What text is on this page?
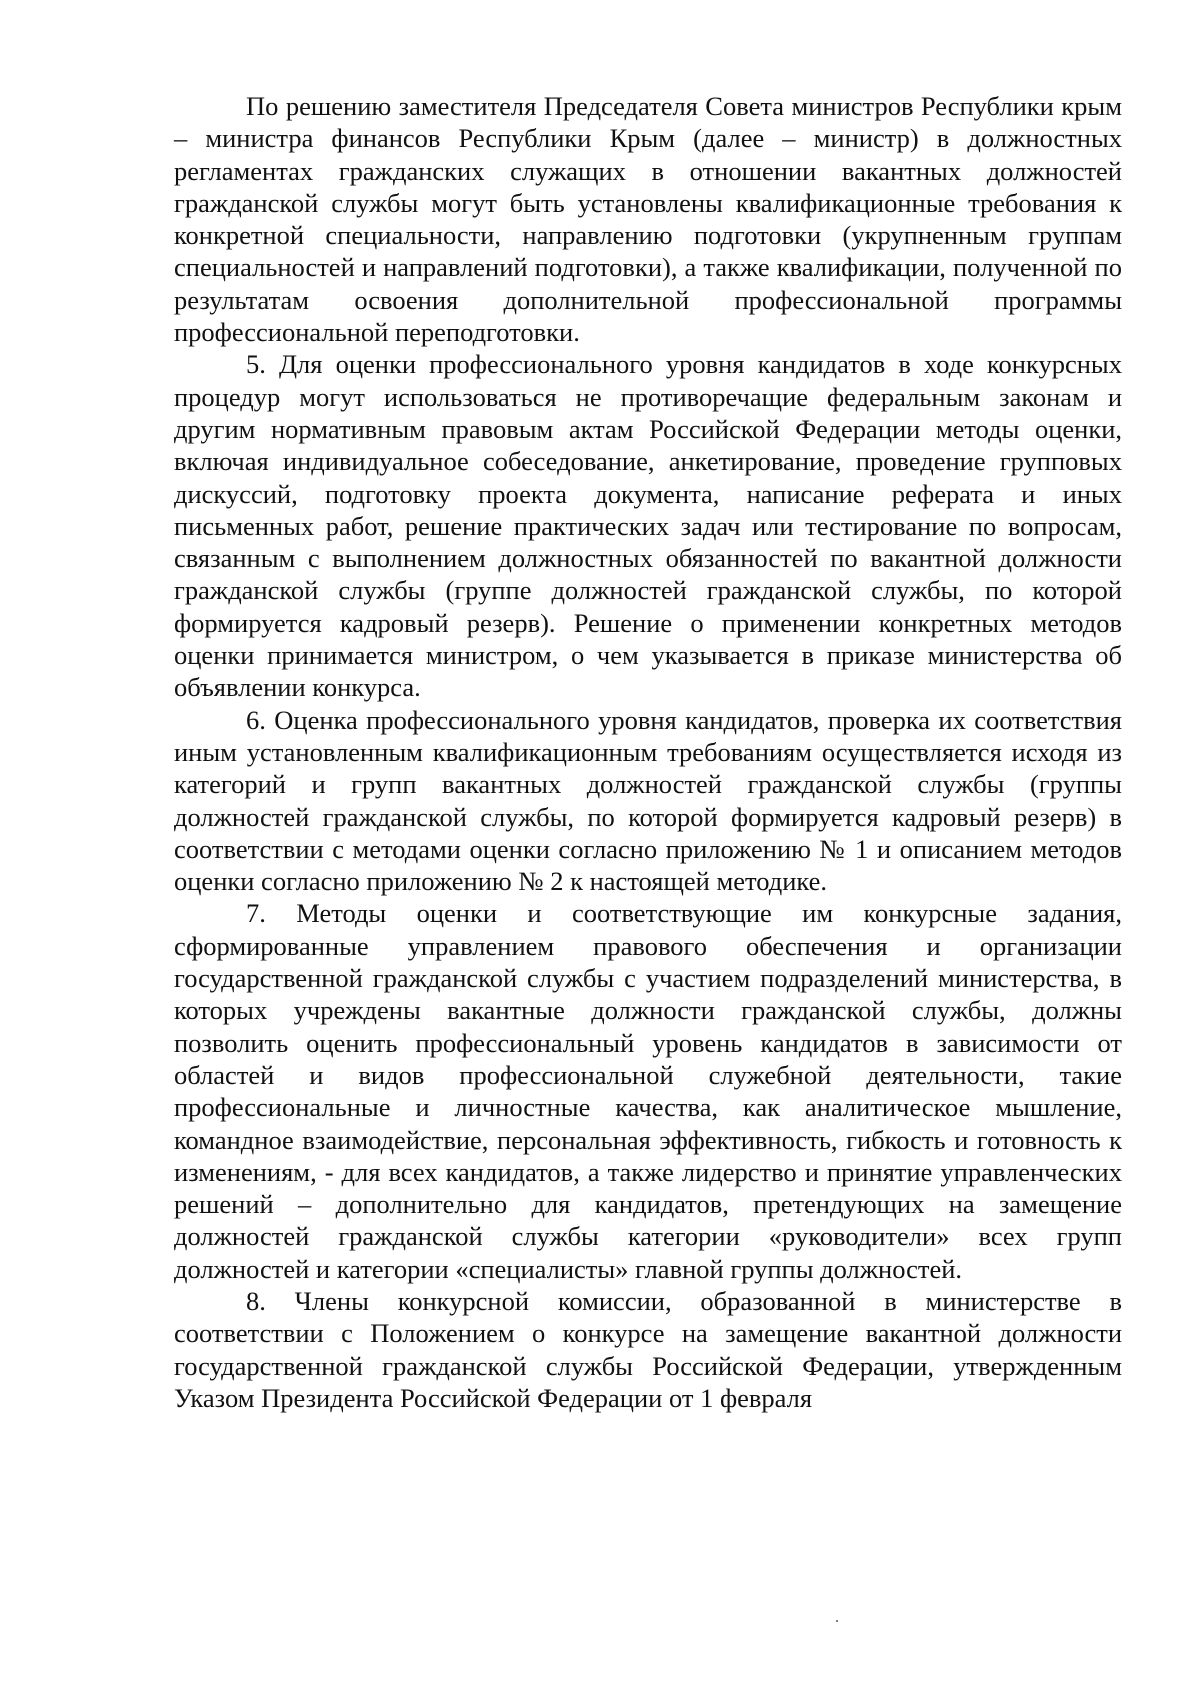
По решению заместителя Председателя Совета министров Республики крым – министра финансов Республики Крым (далее – министр) в должностных регламентах гражданских служащих в отношении вакантных должностей гражданской службы могут быть установлены квалификационные требования к конкретной специальности, направлению подготовки (укрупненным группам специальностей и направлений подготовки), а также квалификации, полученной по результатам освоения дополнительной профессиональной программы профессиональной переподготовки.

5. Для оценки профессионального уровня кандидатов в ходе конкурсных процедур могут использоваться не противоречащие федеральным законам и другим нормативным правовым актам Российской Федерации методы оценки, включая индивидуальное собеседование, анкетирование, проведение групповых дискуссий, подготовку проекта документа, написание реферата и иных письменных работ, решение практических задач или тестирование по вопросам, связанным с выполнением должностных обязанностей по вакантной должности гражданской службы (группе должностей гражданской службы, по которой формируется кадровый резерв). Решение о применении конкретных методов оценки принимается министром, о чем указывается в приказе министерства об объявлении конкурса.

6. Оценка профессионального уровня кандидатов, проверка их соответствия иным установленным квалификационным требованиям осуществляется исходя из категорий и групп вакантных должностей гражданской службы (группы должностей гражданской службы, по которой формируется кадровый резерв) в соответствии с методами оценки согласно приложению № 1 и описанием методов оценки согласно приложению № 2 к настоящей методике.

7. Методы оценки и соответствующие им конкурсные задания, сформированные управлением правового обеспечения и организации государственной гражданской службы с участием подразделений министерства, в которых учреждены вакантные должности гражданской службы, должны позволить оценить профессиональный уровень кандидатов в зависимости от областей и видов профессиональной служебной деятельности, такие профессиональные и личностные качества, как аналитическое мышление, командное взаимодействие, персональная эффективность, гибкость и готовность к изменениям, - для всех кандидатов, а также лидерство и принятие управленческих решений – дополнительно для кандидатов, претендующих на замещение должностей гражданской службы категории «руководители» всех групп должностей и категории «специалисты» главной группы должностей.

8. Члены конкурсной комиссии, образованной в министерстве в соответствии с Положением о конкурсе на замещение вакантной должности государственной гражданской службы Российской Федерации, утвержденным Указом Президента Российской Федерации от 1 февраля
